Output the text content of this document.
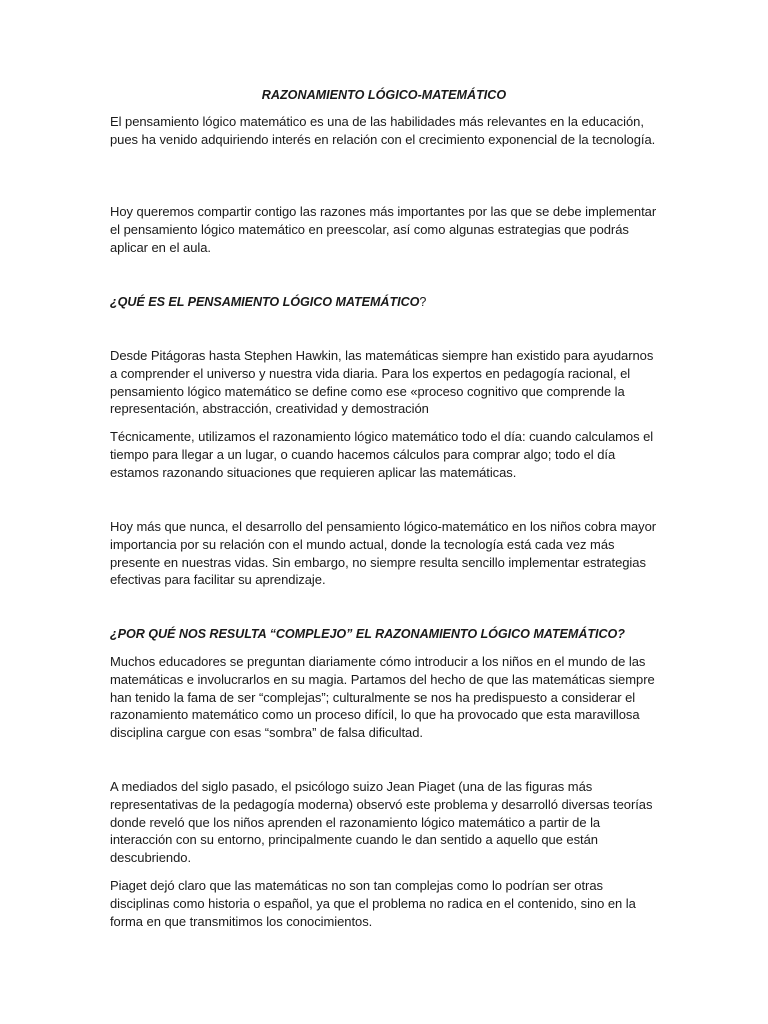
RAZONAMIENTO LÓGICO-MATEMÁTICO

El pensamiento lógico matemático es una de las habilidades más relevantes en la educación, pues ha venido adquiriendo interés en relación con el crecimiento exponencial de la tecnología.

Hoy queremos compartir contigo las razones más importantes por las que se debe implementar el pensamiento lógico matemático en preescolar, así como algunas estrategias que podrás aplicar en el aula.

¿QUÉ ES EL PENSAMIENTO LÓGICO MATEMÁTICO?

Desde Pitágoras hasta Stephen Hawkin, las matemáticas siempre han existido para ayudarnos a comprender el universo y nuestra vida diaria. Para los expertos en pedagogía racional, el pensamiento lógico matemático se define como ese «proceso cognitivo que comprende la representación, abstracción, creatividad y demostración

Técnicamente, utilizamos el razonamiento lógico matemático todo el día: cuando calculamos el tiempo para llegar a un lugar, o cuando hacemos cálculos para comprar algo; todo el día estamos razonando situaciones que requieren aplicar las matemáticas.

Hoy más que nunca, el desarrollo del pensamiento lógico-matemático en los niños cobra mayor importancia por su relación con el mundo actual, donde la tecnología está cada vez más presente en nuestras vidas. Sin embargo, no siempre resulta sencillo implementar estrategias efectivas para facilitar su aprendizaje.

¿POR QUÉ NOS RESULTA “COMPLEJO” EL RAZONAMIENTO LÓGICO MATEMÁTICO?

Muchos educadores se preguntan diariamente cómo introducir a los niños en el mundo de las matemáticas e involucrarlos en su magia. Partamos del hecho de que las matemáticas siempre han tenido la fama de ser “complejas”; culturalmente se nos ha predispuesto a considerar el razonamiento matemático como un proceso difícil, lo que ha provocado que esta maravillosa disciplina cargue con esas “sombra” de falsa dificultad.

A mediados del siglo pasado, el psicólogo suizo Jean Piaget (una de las figuras más representativas de la pedagogía moderna) observó este problema y desarrolló diversas teorías donde reveló que los niños aprenden el razonamiento lógico matemático a partir de la interacción con su entorno, principalmente cuando le dan sentido a aquello que están descubriendo.

Piaget dejó claro que las matemáticas no son tan complejas como lo podrían ser otras disciplinas como historia o español, ya que el problema no radica en el contenido, sino en la forma en que transmitimos los conocimientos.
